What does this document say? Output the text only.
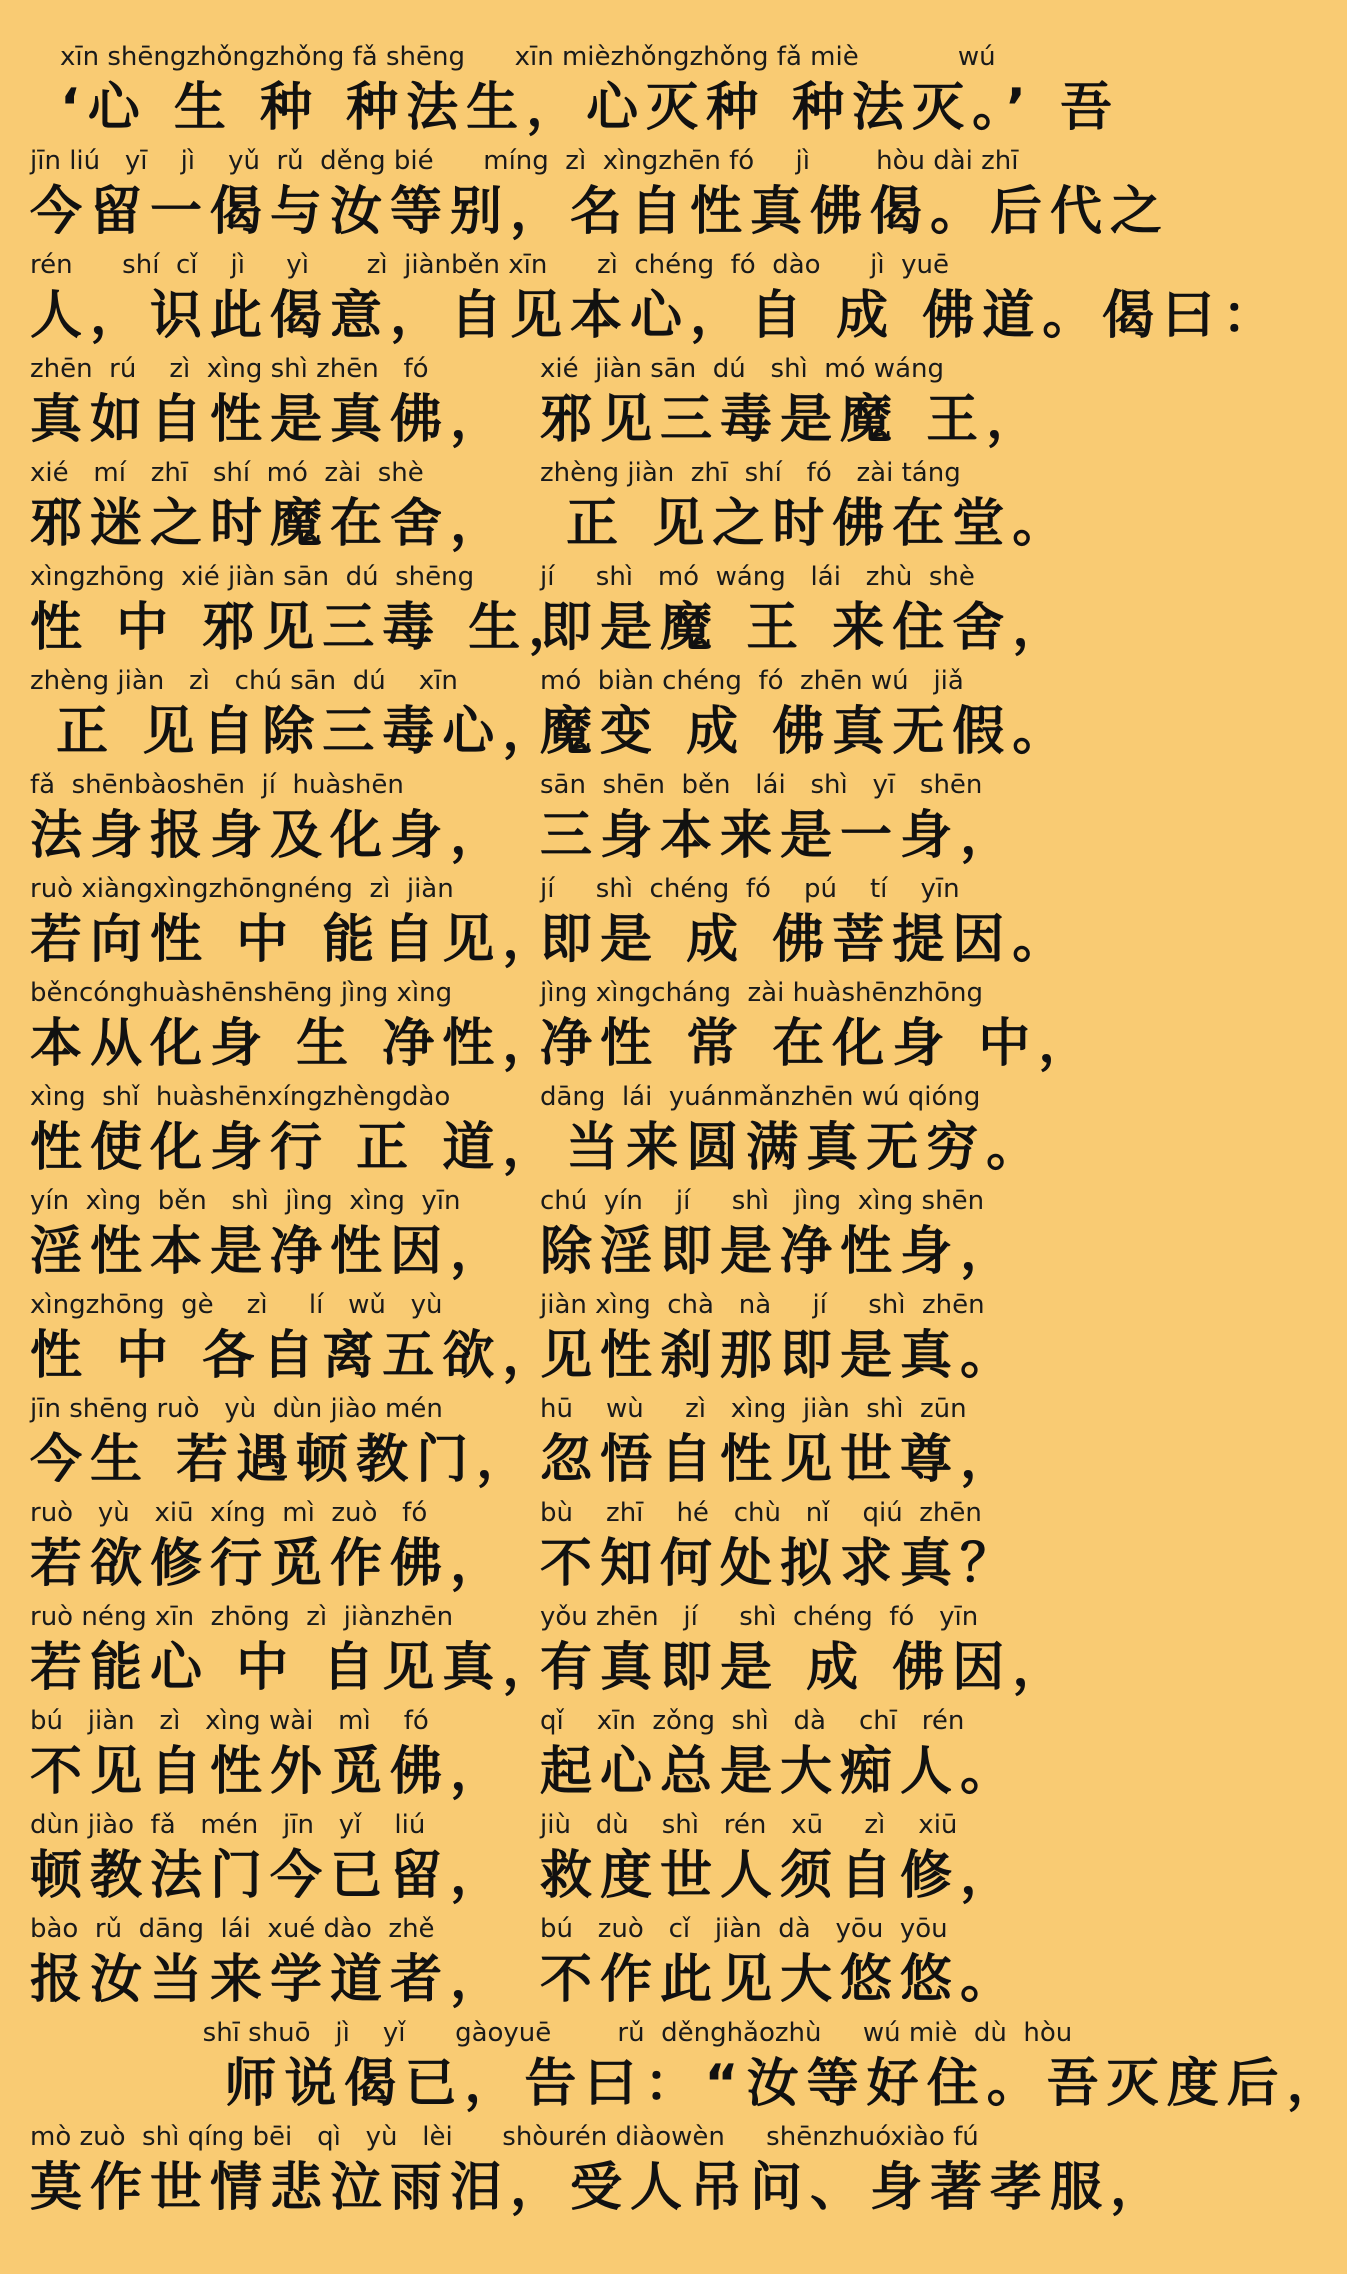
xīn shēngzhǒngzhǒng fǎ shēng      xīn mièzhǒngzhǒng fǎ miè            wú
‘心 生 种 种法生，心灭种 种法灭。’ 吾
jīn liú   yī    jì    yǔ  rǔ  děng bié      míng  zì  xìngzhēn fó     jì        hòu dài zhī
今留一偈与汝等别，名自性真佛偈。后代之
rén      shí  cǐ    jì     yì       zì  jiànběn xīn      zì  chéng  fó  dào      jì  yuē
人，识此偈意，自见本心，自 成 佛道。偈曰：
zhēn  rú    zì  xìng shì zhēn   fó
真如自性是真佛，
xié  jiàn sān  dú   shì  mó wáng
邪见三毒是魔 王，
xié   mí   zhī   shí  mó  zài  shè
邪迷之时魔在舍，
zhèng jiàn  zhī  shí   fó   zài táng
正 见之时佛在堂。
xìngzhōng  xié jiàn sān  dú  shēng
性 中 邪见三毒 生，
jí     shì   mó  wáng   lái   zhù  shè
即是魔 王 来住舍，
zhèng jiàn   zì   chú sān  dú    xīn
正 见自除三毒心，
mó  biàn chéng  fó  zhēn wú   jiǎ
魔变 成 佛真无假。
fǎ  shēnbàoshēn  jí  huàshēn
法身报身及化身，
sān  shēn  běn   lái   shì   yī   shēn
三身本来是一身，
ruò xiàngxìngzhōngnéng  zì  jiàn
若向性 中 能自见，
jí     shì  chéng  fó    pú    tí    yīn
即是 成 佛菩提因。
běncónghuàshēnshēng jìng xìng
本从化身 生 净性，
jìng xìngcháng  zài huàshēnzhōng
净性 常 在化身 中，
xìng  shǐ  huàshēnxíngzhèngdào
性使化身行 正 道，
dāng  lái  yuánmǎnzhēn wú qióng
当来圆满真无穷。
yín  xìng  běn   shì  jìng  xìng  yīn
淫性本是净性因，
chú  yín    jí     shì   jìng  xìng shēn
除淫即是净性身，
xìngzhōng  gè    zì     lí   wǔ   yù
性 中 各自离五欲，
jiàn xìng  chà   nà     jí     shì  zhēn
见性刹那即是真。
jīn shēng ruò   yù  dùn jiào mén
今生 若遇顿教门，
hū    wù     zì   xìng  jiàn  shì  zūn
忽悟自性见世尊，
ruò   yù   xiū  xíng  mì  zuò   fó
若欲修行觅作佛，
bù    zhī    hé   chù   nǐ    qiú  zhēn
不知何处拟求真？
ruò néng xīn  zhōng  zì  jiànzhēn
若能心 中 自见真，
yǒu zhēn   jí     shì  chéng  fó   yīn
有真即是 成 佛因，
bú   jiàn   zì   xìng wài   mì    fó
不见自性外觅佛，
qǐ    xīn  zǒng  shì   dà    chī   rén
起心总是大痴人。
dùn jiào  fǎ   mén   jīn   yǐ    liú
顿教法门今已留，
jiù   dù    shì   rén   xū     zì    xiū
救度世人须自修，
bào  rǔ  dāng  lái  xué dào  zhě
报汝当来学道者，
bú   zuò   cǐ   jiàn  dà   yōu  yōu
不作此见大悠悠。
shī shuō   jì    yǐ      gàoyuē        rǔ  děnghǎozhù     wú miè  dù  hòu
师说偈已，告曰：“汝等好住。吾灭度后，
mò zuò  shì qíng bēi   qì   yù   lèi      shòurén diàowèn     shēnzhuóxiào fú
莫作世情悲泣雨泪，受人吊问、身著孝服，
